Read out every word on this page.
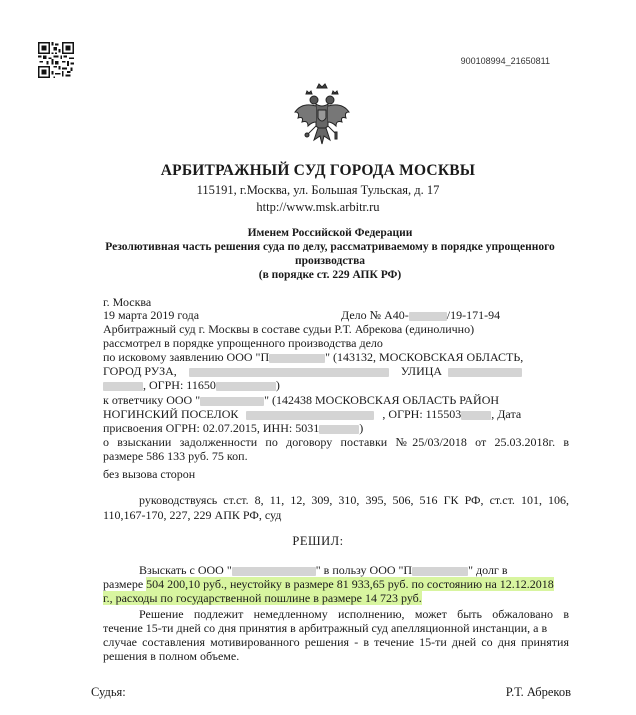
900108994_21650811
АРБИТРАЖНЫЙ СУД ГОРОДА МОСКВЫ
115191, г.Москва, ул. Большая Тульская, д. 17
http://www.msk.arbitr.ru
Именем Российской Федерации
Резолютивная часть решения суда по делу, рассматриваемому в порядке упрощенного
производства
(в порядке ст. 229 АПК РФ)
г. Москва
19 марта 2019 года	Дело № А40-	/19-171-94
Арбитражный суд г. Москвы в составе судьи Р.Т. Абрекова (единолично)
рассмотрел в порядке упрощенного производства дело
по исковому заявлению ООО "П	" (143132, МОСКОВСКАЯ ОБЛАСТЬ,
ГОРОД РУЗА,	УЛИЦА
, ОГРН: 11650	)
к ответчику ООО "	" (142438 МОСКОВСКАЯ ОБЛАСТЬ РАЙОН
НОГИНСКИЙ ПОСЕЛОК	, ОГРН: 115503	, Дата
присвоения ОГРН: 02.07.2015, ИНН: 5031	)
о взыскании задолженности по договору поставки №25/03/2018 от 25.03.2018г. в
размере 586 133 руб. 75 коп.
без вызова сторон
руководствуясь ст.ст. 8, 11, 12, 309, 310, 395, 506, 516 ГК РФ, ст.ст. 101, 106,
110,167-170, 227, 229 АПК РФ, суд
РЕШИЛ:
Взыскать с ООО "	" в пользу ООО "П	" долг в
размере 504 200,10 руб., неустойку в размере 81 933,65 руб. по состоянию на 12.12.2018
г., расходы по государственной пошлине в размере 14 723 руб.
Решение подлежит немедленному исполнению, может быть обжаловано в
течение 15-ти дней со дня принятия в арбитражный суд апелляционной инстанции, а в
случае составления мотивированного решения - в течение 15-ти дней со дня принятия
решения в полном объеме.
Судья:	Р.Т. Абреков
